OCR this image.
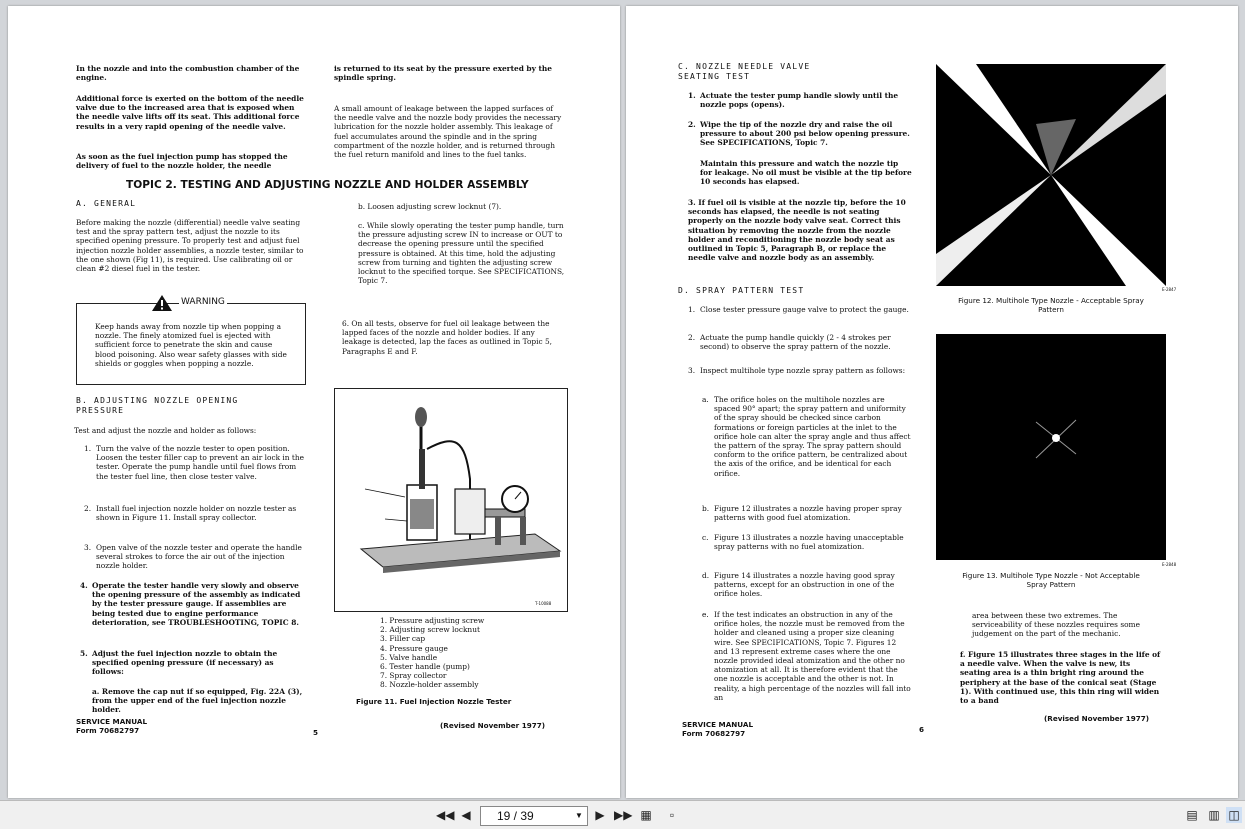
In the nozzle and into the combustion chamber of the engine.
Additional force is exerted on the bottom of the needle valve due to the increased area that is exposed when the needle valve lifts off its seat. This additional force results in a very rapid opening of the needle valve.
As soon as the fuel injection pump has stopped the delivery of fuel to the nozzle holder, the needle
is returned to its seat by the pressure exerted by the spindle spring.
A small amount of leakage between the lapped surfaces of the needle valve and the nozzle body provides the necessary lubrication for the nozzle holder assembly. This leakage of fuel accumulates around the spindle and in the spring compartment of the nozzle holder, and is returned through the fuel return manifold and lines to the fuel tanks.
TOPIC 2. TESTING AND ADJUSTING NOZZLE AND HOLDER ASSEMBLY
A. GENERAL
Before making the nozzle (differential) needle valve seating test and the spray pattern test, adjust the nozzle to its specified opening pressure. To properly test and adjust fuel injection nozzle holder assemblies, a nozzle tester, similar to the one shown (Fig 11), is required. Use calibrating oil or clean #2 diesel fuel in the tester.
WARNING
Keep hands away from nozzle tip when popping a nozzle. The finely atomized fuel is ejected with sufficient force to penetrate the skin and cause blood poisoning. Also wear safety glasses with side shields or goggles when popping a nozzle.
B. ADJUSTING NOZZLE OPENING PRESSURE
Test and adjust the nozzle and holder as follows:
1. Turn the valve of the nozzle tester to open position. Loosen the tester filler cap to prevent an air lock in the tester. Operate the pump handle until fuel flows from the tester fuel line, then close tester valve.
2. Install fuel injection nozzle holder on nozzle tester as shown in Figure 11. Install spray collector.
3. Open valve of the nozzle tester and operate the handle several strokes to force the air out of the injection nozzle holder.
4. Operate the tester handle very slowly and observe the opening pressure of the assembly as indicated by the tester pressure gauge. If assemblies are being tested due to engine performance deterioration, see TROUBLESHOOTING, TOPIC 8.
5. Adjust the fuel injection nozzle to obtain the specified opening pressure (if necessary) as follows:
a. Remove the cap nut if so equipped, Fig. 22A (3), from the upper end of the fuel injection nozzle holder.
SERVICE MANUAL
Form 70682797	5
b. Loosen adjusting screw locknut (7).
c. While slowly operating the tester pump handle, turn the pressure adjusting screw IN to increase or OUT to decrease the opening pressure until the specified pressure is obtained. At this time, hold the adjusting screw from turning and tighten the adjusting screw locknut to the specified torque. See SPECIFICATIONS, Topic 7.
6. On all tests, observe for fuel oil leakage between the lapped faces of the nozzle and holder bodies. If any leakage is detected, lap the faces as outlined in Topic 5, Paragraphs E and F.
T-10088
1. Pressure adjusting screw
2. Adjusting screw locknut
3. Filler cap
4. Pressure gauge
5. Valve handle
6. Tester handle (pump)
7. Spray collector
8. Nozzle-holder assembly
Figure 11. Fuel Injection Nozzle Tester
(Revised November 1977)
C. NOZZLE NEEDLE VALVE SEATING TEST
1. Actuate the tester pump handle slowly until the nozzle pops (opens).
2. Wipe the tip of the nozzle dry and raise the oil pressure to about 200 psi below opening pressure. See SPECIFICATIONS, Topic 7.
Maintain this pressure and watch the nozzle tip for leakage. No oil must be visible at the tip before 10 seconds has elapsed.
3. If fuel oil is visible at the nozzle tip, before the 10 seconds has elapsed, the needle is not seating properly on the nozzle body valve seat. Correct this situation by removing the nozzle from the nozzle holder and reconditioning the nozzle body seat as outlined in Topic 5, Paragraph B, or replace the needle valve and nozzle body as an assembly.
D. SPRAY PATTERN TEST
1. Close tester pressure gauge valve to protect the gauge.
2. Actuate the pump handle quickly (2 - 4 strokes per second) to observe the spray pattern of the nozzle.
3. Inspect multihole type nozzle spray pattern as follows:
a. The orifice holes on the multihole nozzles are spaced 90° apart; the spray pattern and uniformity of the spray should be checked since carbon formations or foreign particles at the inlet to the orifice hole can alter the spray angle and thus affect the pattern of the spray. The spray pattern should conform to the orifice pattern, be centralized about the axis of the orifice, and be identical for each orifice.
b. Figure 12 illustrates a nozzle having proper spray patterns with good fuel atomization.
c. Figure 13 illustrates a nozzle having unacceptable spray patterns with no fuel atomization.
d. Figure 14 illustrates a nozzle having good spray patterns, except for an obstruction in one of the orifice holes.
e. If the test indicates an obstruction in any of the orifice holes, the nozzle must be removed from the holder and cleaned using a proper size cleaning wire. See SPECIFICATIONS, Topic 7. Figures 12 and 13 represent extreme cases where the one nozzle provided ideal atomization and the other no atomization at all. It is therefore evident that the one nozzle is acceptable and the other is not. In reality, a high percentage of the nozzles will fall into an
E-2847
Figure 12. Multihole Type Nozzle - Acceptable Spray Pattern
E-2848
Figure 13. Multihole Type Nozzle - Not Acceptable Spray Pattern
area between these two extremes. The serviceability of these nozzles requires some judgement on the part of the mechanic.
f. Figure 15 illustrates three stages in the life of a needle valve. When the valve is new, its seating area is a thin bright ring around the periphery at the base of the conical seat (Stage 1). With continued use, this thin ring will widen to a band
(Revised November 1977)
SERVICE MANUAL
Form 70682797	6
◀◀ ◀ 19 / 39	▼ ▶ ▶▶ ▦	▫	▤ ▥ ◫
